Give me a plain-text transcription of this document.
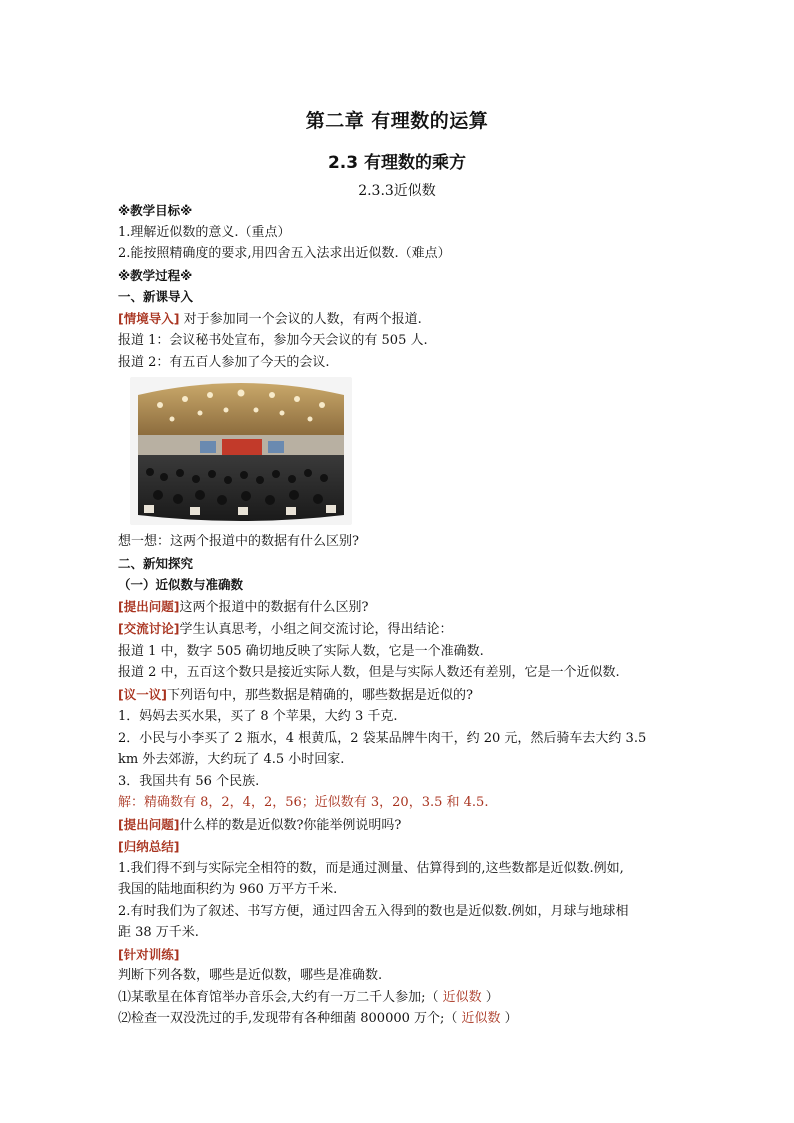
第二章 有理数的运算
2.3 有理数的乘方
2.3.3近似数
※教学目标※
1.理解近似数的意义.（重点）
2.能按照精确度的要求,用四舍五入法求出近似数.（难点）
※教学过程※
一、新课导入
[情境导入] 对于参加同一个会议的人数，有两个报道.
报道 1：会议秘书处宣布，参加今天会议的有 505 人.
报道 2：有五百人参加了今天的会议.
想一想：这两个报道中的数据有什么区别?
二、新知探究
（一）近似数与准确数
[提出问题]这两个报道中的数据有什么区别?
[交流讨论]学生认真思考，小组之间交流讨论，得出结论：
报道 1 中，数字 505 确切地反映了实际人数，它是一个准确数.
报道 2 中，五百这个数只是接近实际人数，但是与实际人数还有差别，它是一个近似数.
[议一议]下列语句中，那些数据是精确的，哪些数据是近似的?
1．妈妈去买水果，买了 8 个苹果，大约 3 千克.
2．小民与小李买了 2 瓶水，4 根黄瓜，2 袋某品牌牛肉干，约 20 元，然后骑车去大约 3.5
km 外去郊游，大约玩了 4.5 小时回家.
3．我国共有 56 个民族.
解：精确数有 8，2，4，2，56；近似数有 3，20，3.5 和 4.5.
[提出问题]什么样的数是近似数?你能举例说明吗?
[归纳总结]
1.我们得不到与实际完全相符的数，而是通过测量、估算得到的,这些数都是近似数.例如,
我国的陆地面积约为 960 万平方千米.
2.有时我们为了叙述、书写方便，通过四舍五入得到的数也是近似数.例如，月球与地球相
距 38 万千米.
[针对训练]
判断下列各数，哪些是近似数，哪些是准确数.
⑴某歌星在体育馆举办音乐会,大约有一万二千人参加;（ 近似数 ）
⑵检查一双没洗过的手,发现带有各种细菌 800000 万个;（ 近似数 ）
